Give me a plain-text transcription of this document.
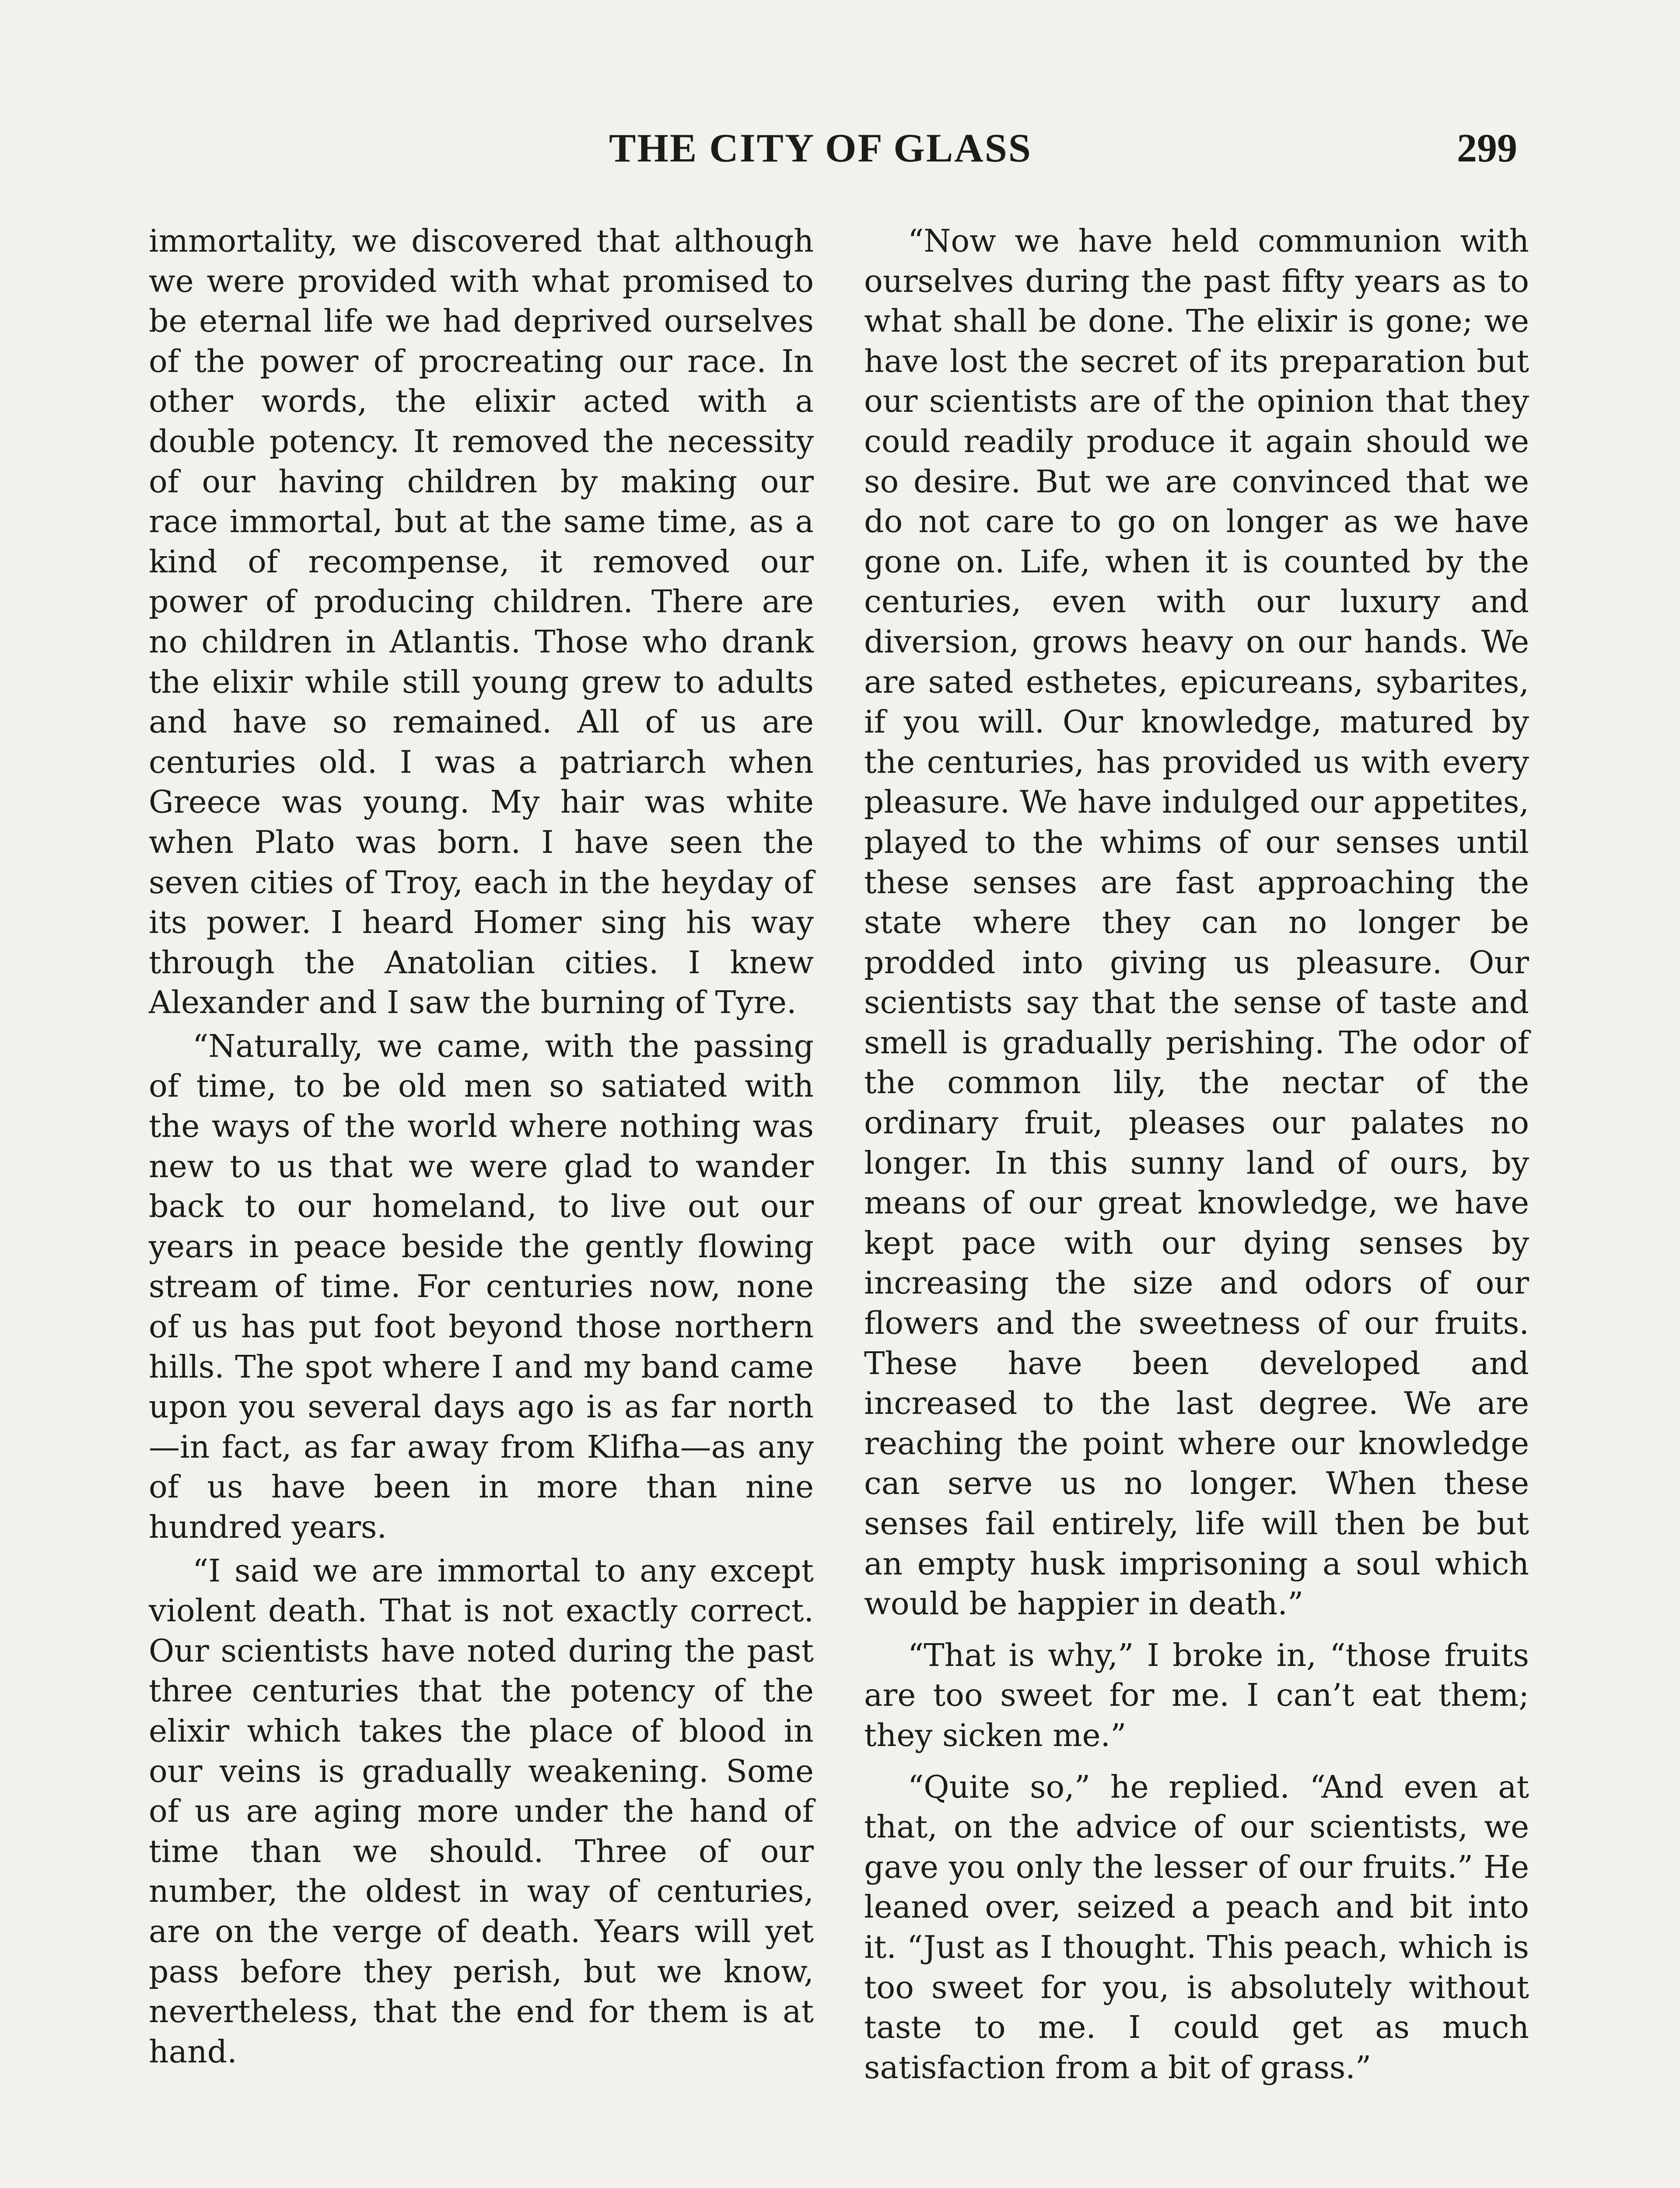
THE CITY OF GLASS	299

immortality, we discovered that although we were provided with what promised to be eternal life we had deprived ourselves of the power of procreating our race. In other words, the elixir acted with a double potency. It removed the necessity of our having children by making our race immortal, but at the same time, as a kind of recompense, it removed our power of producing children. There are no children in Atlantis. Those who drank the elixir while still young grew to adults and have so remained. All of us are centuries old. I was a patriarch when Greece was young. My hair was white when Plato was born. I have seen the seven cities of Troy, each in the heyday of its power. I heard Homer sing his way through the Anatolian cities. I knew Alexander and I saw the burning of Tyre.

“Naturally, we came, with the passing of time, to be old men so satiated with the ways of the world where nothing was new to us that we were glad to wander back to our homeland, to live out our years in peace beside the gently flowing stream of time. For centuries now, none of us has put foot beyond those northern hills. The spot where I and my band came upon you several days ago is as far north—in fact, as far away from Klifha—as any of us have been in more than nine hundred years.

“I said we are immortal to any except violent death. That is not exactly correct. Our scientists have noted during the past three centuries that the potency of the elixir which takes the place of blood in our veins is gradually weakening. Some of us are aging more under the hand of time than we should. Three of our number, the oldest in way of centuries, are on the verge of death. Years will yet pass before they perish, but we know, nevertheless, that the end for them is at hand.

“Now we have held communion with ourselves during the past fifty years as to what shall be done. The elixir is gone; we have lost the secret of its preparation but our scientists are of the opinion that they could readily produce it again should we so desire. But we are convinced that we do not care to go on longer as we have gone on. Life, when it is counted by the centuries, even with our luxury and diversion, grows heavy on our hands. We are sated esthetes, epicureans, sybarites, if you will. Our knowledge, matured by the centuries, has provided us with every pleasure. We have indulged our appetites, played to the whims of our senses until these senses are fast approaching the state where they can no longer be prodded into giving us pleasure. Our scientists say that the sense of taste and smell is gradually perishing. The odor of the common lily, the nectar of the ordinary fruit, pleases our palates no longer. In this sunny land of ours, by means of our great knowledge, we have kept pace with our dying senses by increasing the size and odors of our flowers and the sweetness of our fruits. These have been developed and increased to the last degree. We are reaching the point where our knowledge can serve us no longer. When these senses fail entirely, life will then be but an empty husk imprisoning a soul which would be happier in death.”

“That is why,” I broke in, “those fruits are too sweet for me. I can’t eat them; they sicken me.”

“Quite so,” he replied. “And even at that, on the advice of our scientists, we gave you only the lesser of our fruits.” He leaned over, seized a peach and bit into it. “Just as I thought. This peach, which is too sweet for you, is absolutely without taste to me. I could get as much satisfaction from a bit of grass.”
